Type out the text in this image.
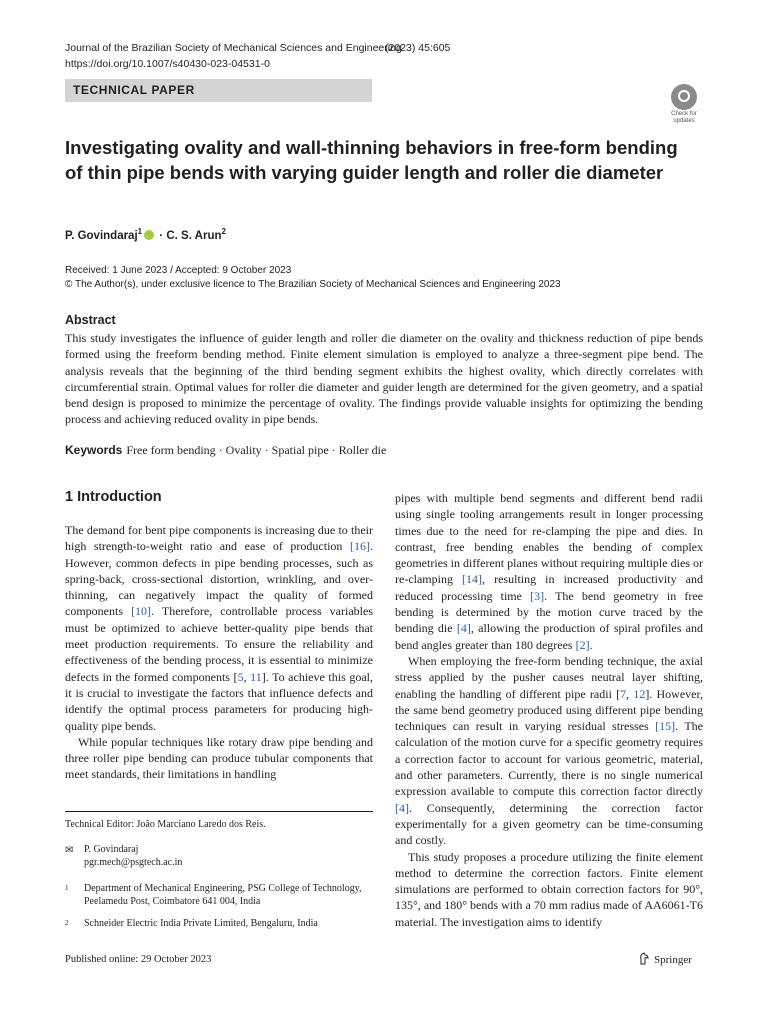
Journal of the Brazilian Society of Mechanical Sciences and Engineering
(2023) 45:605
https://doi.org/10.1007/s40430-023-04531-0
TECHNICAL PAPER
Check for updates
Investigating ovality and wall-thinning behaviors in free-form bending of thin pipe bends with varying guider length and roller die diameter
P. Govindaraj$^1$ · C. S. Arun$^2$
Received: 1 June 2023 / Accepted: 9 October 2023
© The Author(s), under exclusive licence to The Brazilian Society of Mechanical Sciences and Engineering 2023
Abstract
This study investigates the influence of guider length and roller die diameter on the ovality and thickness reduction of pipe bends formed using the freeform bending method. Finite element simulation is employed to analyze a three-segment pipe bend. The analysis reveals that the beginning of the third bending segment exhibits the highest ovality, which directly correlates with circumferential strain. Optimal values for roller die diameter and guider length are determined for the given geometry, and a spatial bend design is proposed to minimize the percentage of ovality. The findings provide valuable insights for optimizing the bending process and achieving reduced ovality in pipe bends.
Keywords Free form bending · Ovality · Spatial pipe · Roller die
1 Introduction

The demand for bent pipe components is increasing due to their high strength-to-weight ratio and ease of production [16]. However, common defects in pipe bending processes, such as spring-back, cross-sectional distortion, wrinkling, and over-thinning, can negatively impact the quality of formed components [10]. Therefore, controllable process variables must be optimized to achieve better-quality pipe bends that meet production requirements. To ensure the reliability and effectiveness of the bending process, it is essential to minimize defects in the formed components [5, 11]. To achieve this goal, it is crucial to investigate the factors that influence defects and identify the optimal process parameters for producing high-quality pipe bends.

While popular techniques like rotary draw pipe bending and three roller pipe bending can produce tubular components that meet standards, their limitations in handling

pipes with multiple bend segments and different bend radii using single tooling arrangements result in longer processing times due to the need for re-clamping the pipe and dies. In contrast, free bending enables the bending of complex geometries in different planes without requiring multiple dies or re-clamping [14], resulting in increased productivity and reduced processing time [3]. The bend geometry in free bending is determined by the motion curve traced by the bending die [4], allowing the production of spiral profiles and bend angles greater than 180 degrees [2].

When employing the free-form bending technique, the axial stress applied by the pusher causes neutral layer shifting, enabling the handling of different pipe radii [7, 12]. However, the same bend geometry produced using different pipe bending techniques can result in varying residual stresses [15]. The calculation of the motion curve for a specific geometry requires a correction factor to account for various geometric, material, and other parameters. Currently, there is no single numerical expression available to compute this correction factor directly [4]. Consequently, determining the correction factor experimentally for a given geometry can be time-consuming and costly.

This study proposes a procedure utilizing the finite element method to determine the correction factors. Finite element simulations are performed to obtain correction factors for 90°, 135°, and 180° bends with a 70 mm radius made of AA6061-T6 material. The investigation aims to identify

Technical Editor: João Marciano Laredo dos Reis.
✉ P. Govindaraj
pgr.mech@psgtech.ac.in
1 Department of Mechanical Engineering, PSG College of Technology, Peelamedu Post, Coimbatore 641 004, India
2 Schneider Electric India Private Limited, Bengaluru, India
Published online: 29 October 2023	Springer
